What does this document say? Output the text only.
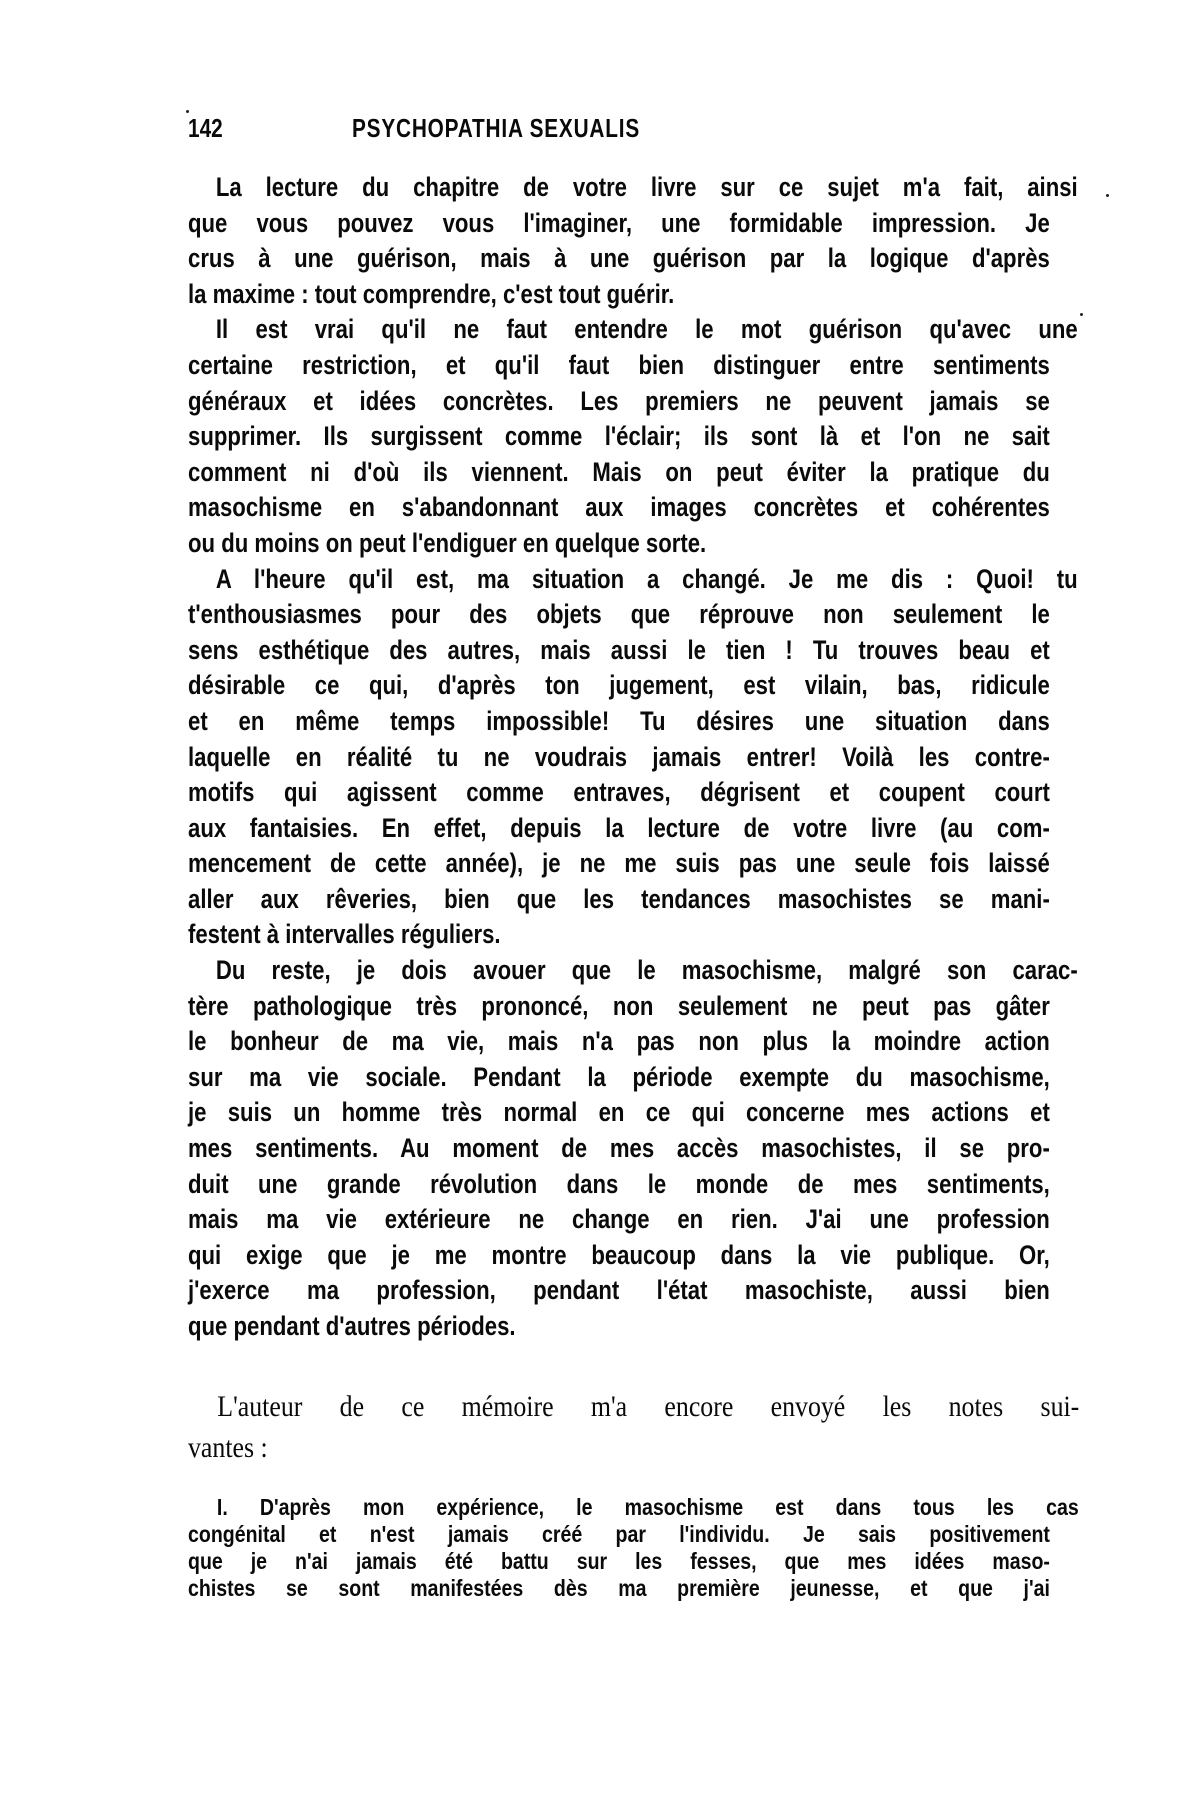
142	PSYCHOPATHIA SEXUALIS
La lecture du chapitre de votre livre sur ce sujet m'a fait, ainsi
que vous pouvez vous l'imaginer, une formidable impression. Je
crus à une guérison, mais à une guérison par la logique d'après
la maxime : tout comprendre, c'est tout guérir.
Il est vrai qu'il ne faut entendre le mot guérison qu'avec une
certaine restriction, et qu'il faut bien distinguer entre sentiments
généraux et idées concrètes. Les premiers ne peuvent jamais se
supprimer. Ils surgissent comme l'éclair; ils sont là et l'on ne sait
comment ni d'où ils viennent. Mais on peut éviter la pratique du
masochisme en s'abandonnant aux images concrètes et cohérentes
ou du moins on peut l'endiguer en quelque sorte.
A l'heure qu'il est, ma situation a changé. Je me dis : Quoi! tu
t'enthousiasmes pour des objets que réprouve non seulement le
sens esthétique des autres, mais aussi le tien ! Tu trouves beau et
désirable ce qui, d'après ton jugement, est vilain, bas, ridicule
et en même temps impossible! Tu désires une situation dans
laquelle en réalité tu ne voudrais jamais entrer! Voilà les contre-
motifs qui agissent comme entraves, dégrisent et coupent court
aux fantaisies. En effet, depuis la lecture de votre livre (au com-
mencement de cette année), je ne me suis pas une seule fois laissé
aller aux rêveries, bien que les tendances masochistes se mani-
festent à intervalles réguliers.
Du reste, je dois avouer que le masochisme, malgré son carac-
tère pathologique très prononcé, non seulement ne peut pas gâter
le bonheur de ma vie, mais n'a pas non plus la moindre action
sur ma vie sociale. Pendant la période exempte du masochisme,
je suis un homme très normal en ce qui concerne mes actions et
mes sentiments. Au moment de mes accès masochistes, il se pro-
duit une grande révolution dans le monde de mes sentiments,
mais ma vie extérieure ne change en rien. J'ai une profession
qui exige que je me montre beaucoup dans la vie publique. Or,
j'exerce ma profession, pendant l'état masochiste, aussi bien
que pendant d'autres périodes.
L'auteur de ce mémoire m'a encore envoyé les notes sui-
vantes :
I. D'après mon expérience, le masochisme est dans tous les cas
congénital et n'est jamais créé par l'individu. Je sais positivement
que je n'ai jamais été battu sur les fesses, que mes idées maso-
chistes se sont manifestées dès ma première jeunesse, et que j'ai
